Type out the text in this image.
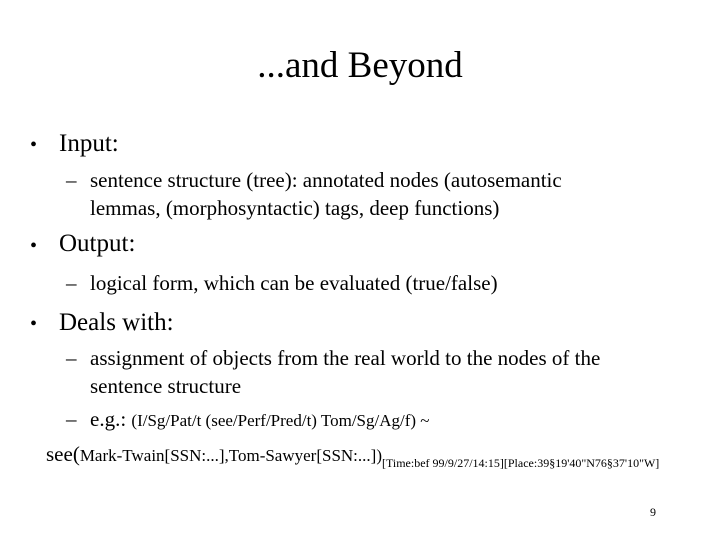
...and Beyond
• Input:
– sentence structure (tree): annotated nodes (autosemantic
lemmas, (morphosyntactic) tags, deep functions)
• Output:
– logical form, which can be evaluated (true/false)
• Deals with:
– assignment of objects from the real world to the nodes of the
sentence structure
– e.g.: (I/Sg/Pat/t (see/Perf/Pred/t) Tom/Sg/Ag/f) ~
$see(Mark-Twain[SSN:...],Tom-Sawyer[SSN:...])_{[Time:bef 99/9/27/14:15][Place:39\S 19'40"N76\S 37'10"W]}$
9
